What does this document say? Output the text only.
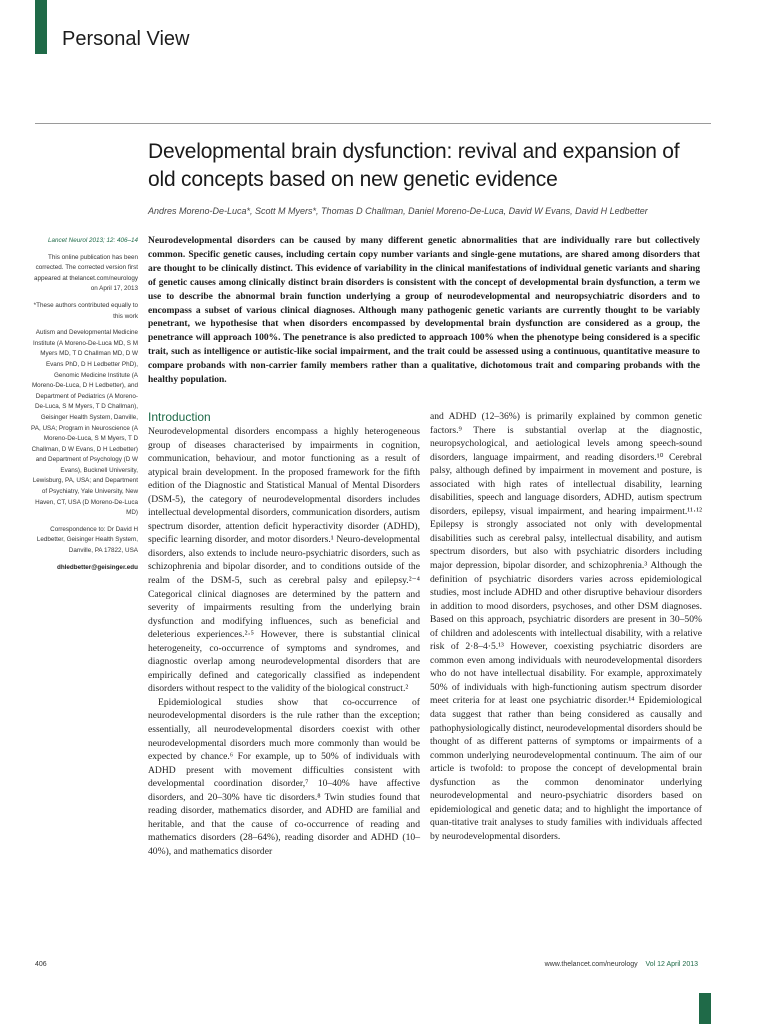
Personal View
Developmental brain dysfunction: revival and expansion of old concepts based on new genetic evidence
Andres Moreno-De-Luca*, Scott M Myers*, Thomas D Challman, Daniel Moreno-De-Luca, David W Evans, David H Ledbetter

Lancet Neurol 2013; 12: 406–14

This online publication has been corrected. The corrected version first appeared at thelancet.com/neurology on April 17, 2013

*These authors contributed equally to this work

Autism and Developmental Medicine Institute (A Moreno-De-Luca MD, S M Myers MD, T D Challman MD, D W Evans PhD, D H Ledbetter PhD), Genomic Medicine Institute (A Moreno-De-Luca, D H Ledbetter), and Department of Pediatrics (A Moreno-De-Luca, S M Myers, T D Challman), Geisinger Health System, Danville, PA, USA; Program in Neuroscience (A Moreno-De-Luca, S M Myers, T D Challman, D W Evans, D H Ledbetter) and Department of Psychology (D W Evans), Bucknell University, Lewisburg, PA, USA; and Department of Psychiatry, Yale University, New Haven, CT, USA (D Moreno-De-Luca MD)

Correspondence to: Dr David H Ledbetter, Geisinger Health System, Danville, PA 17822, USA

dhledbetter@geisinger.edu

Neurodevelopmental disorders can be caused by many different genetic abnormalities that are individually rare but collectively common. Specific genetic causes, including certain copy number variants and single-gene mutations, are shared among disorders that are thought to be clinically distinct. This evidence of variability in the clinical manifestations of individual genetic variants and sharing of genetic causes among clinically distinct brain disorders is consistent with the concept of developmental brain dysfunction, a term we use to describe the abnormal brain function underlying a group of neurodevelopmental and neuropsychiatric disorders and to encompass a subset of various clinical diagnoses. Although many pathogenic genetic variants are currently thought to be variably penetrant, we hypothesise that when disorders encompassed by developmental brain dysfunction are considered as a group, the penetrance will approach 100%. The penetrance is also predicted to approach 100% when the phenotype being considered is a specific trait, such as intelligence or autistic-like social impairment, and the trait could be assessed using a continuous, quantitative measure to compare probands with non-carrier family members rather than a qualitative, dichotomous trait and comparing probands with the healthy population.
Introduction

Neurodevelopmental disorders encompass a highly heterogeneous group of diseases characterised by impairments in cognition, communication, behaviour, and motor functioning as a result of atypical brain development. In the proposed framework for the fifth edition of the Diagnostic and Statistical Manual of Mental Disorders (DSM-5), the category of neurodevelopmental disorders includes intellectual developmental disorders, communication disorders, autism spectrum disorder, attention deficit hyperactivity disorder (ADHD), specific learning disorder, and motor disorders.¹ Neuro-developmental disorders, also extends to include neuro-psychiatric disorders, such as schizophrenia and bipolar disorder, and to conditions outside of the realm of the DSM-5, such as cerebral palsy and epilepsy.²⁻⁴ Categorical clinical diagnoses are determined by the pattern and severity of impairments resulting from the underlying brain dysfunction and modifying influences, such as beneficial and deleterious experiences.²·⁵ However, there is substantial clinical heterogeneity, co-occurrence of symptoms and syndromes, and diagnostic overlap among neurodevelopmental disorders that are empirically defined and categorically classified as independent disorders without respect to the validity of the biological construct.²

Epidemiological studies show that co-occurrence of neurodevelopmental disorders is the rule rather than the exception; essentially, all neurodevelopmental disorders coexist with other neurodevelopmental disorders much more commonly than would be expected by chance.⁶ For example, up to 50% of individuals with ADHD present with movement difficulties consistent with developmental coordination disorder,⁷ 10–40% have affective disorders, and 20–30% have tic disorders.⁸ Twin studies found that reading disorder, mathematics disorder, and ADHD are familial and heritable, and that the cause of co-occurrence of reading and mathematics disorders (28–64%), reading disorder and ADHD (10–40%), and mathematics disorder

and ADHD (12–36%) is primarily explained by common genetic factors.⁹ There is substantial overlap at the diagnostic, neuropsychological, and aetiological levels among speech-sound disorders, language impairment, and reading disorders.¹⁰ Cerebral palsy, although defined by impairment in movement and posture, is associated with high rates of intellectual disability, learning disabilities, speech and language disorders, ADHD, autism spectrum disorders, epilepsy, visual impairment, and hearing impairment.¹¹·¹² Epilepsy is strongly associated not only with developmental disabilities such as cerebral palsy, intellectual disability, and autism spectrum disorders, but also with psychiatric disorders including major depression, bipolar disorder, and schizophrenia.³ Although the definition of psychiatric disorders varies across epidemiological studies, most include ADHD and other disruptive behaviour disorders in addition to mood disorders, psychoses, and other DSM diagnoses. Based on this approach, psychiatric disorders are present in 30–50% of children and adolescents with intellectual disability, with a relative risk of 2·8–4·5.¹³ However, coexisting psychiatric disorders are common even among individuals with neurodevelopmental disorders who do not have intellectual disability. For example, approximately 50% of individuals with high-functioning autism spectrum disorder meet criteria for at least one psychiatric disorder.¹⁴ Epidemiological data suggest that rather than being considered as causally and pathophysiologically distinct, neurodevelopmental disorders should be thought of as different patterns of symptoms or impairments of a common underlying neurodevelopmental continuum. The aim of our article is twofold: to propose the concept of developmental brain dysfunction as the common denominator underlying neurodevelopmental and neuro-psychiatric disorders based on epidemiological and genetic data; and to highlight the importance of quan-titative trait analyses to study families with individuals affected by neurodevelopmental disorders.

406	www.thelancet.com/neurology Vol 12 April 2013
